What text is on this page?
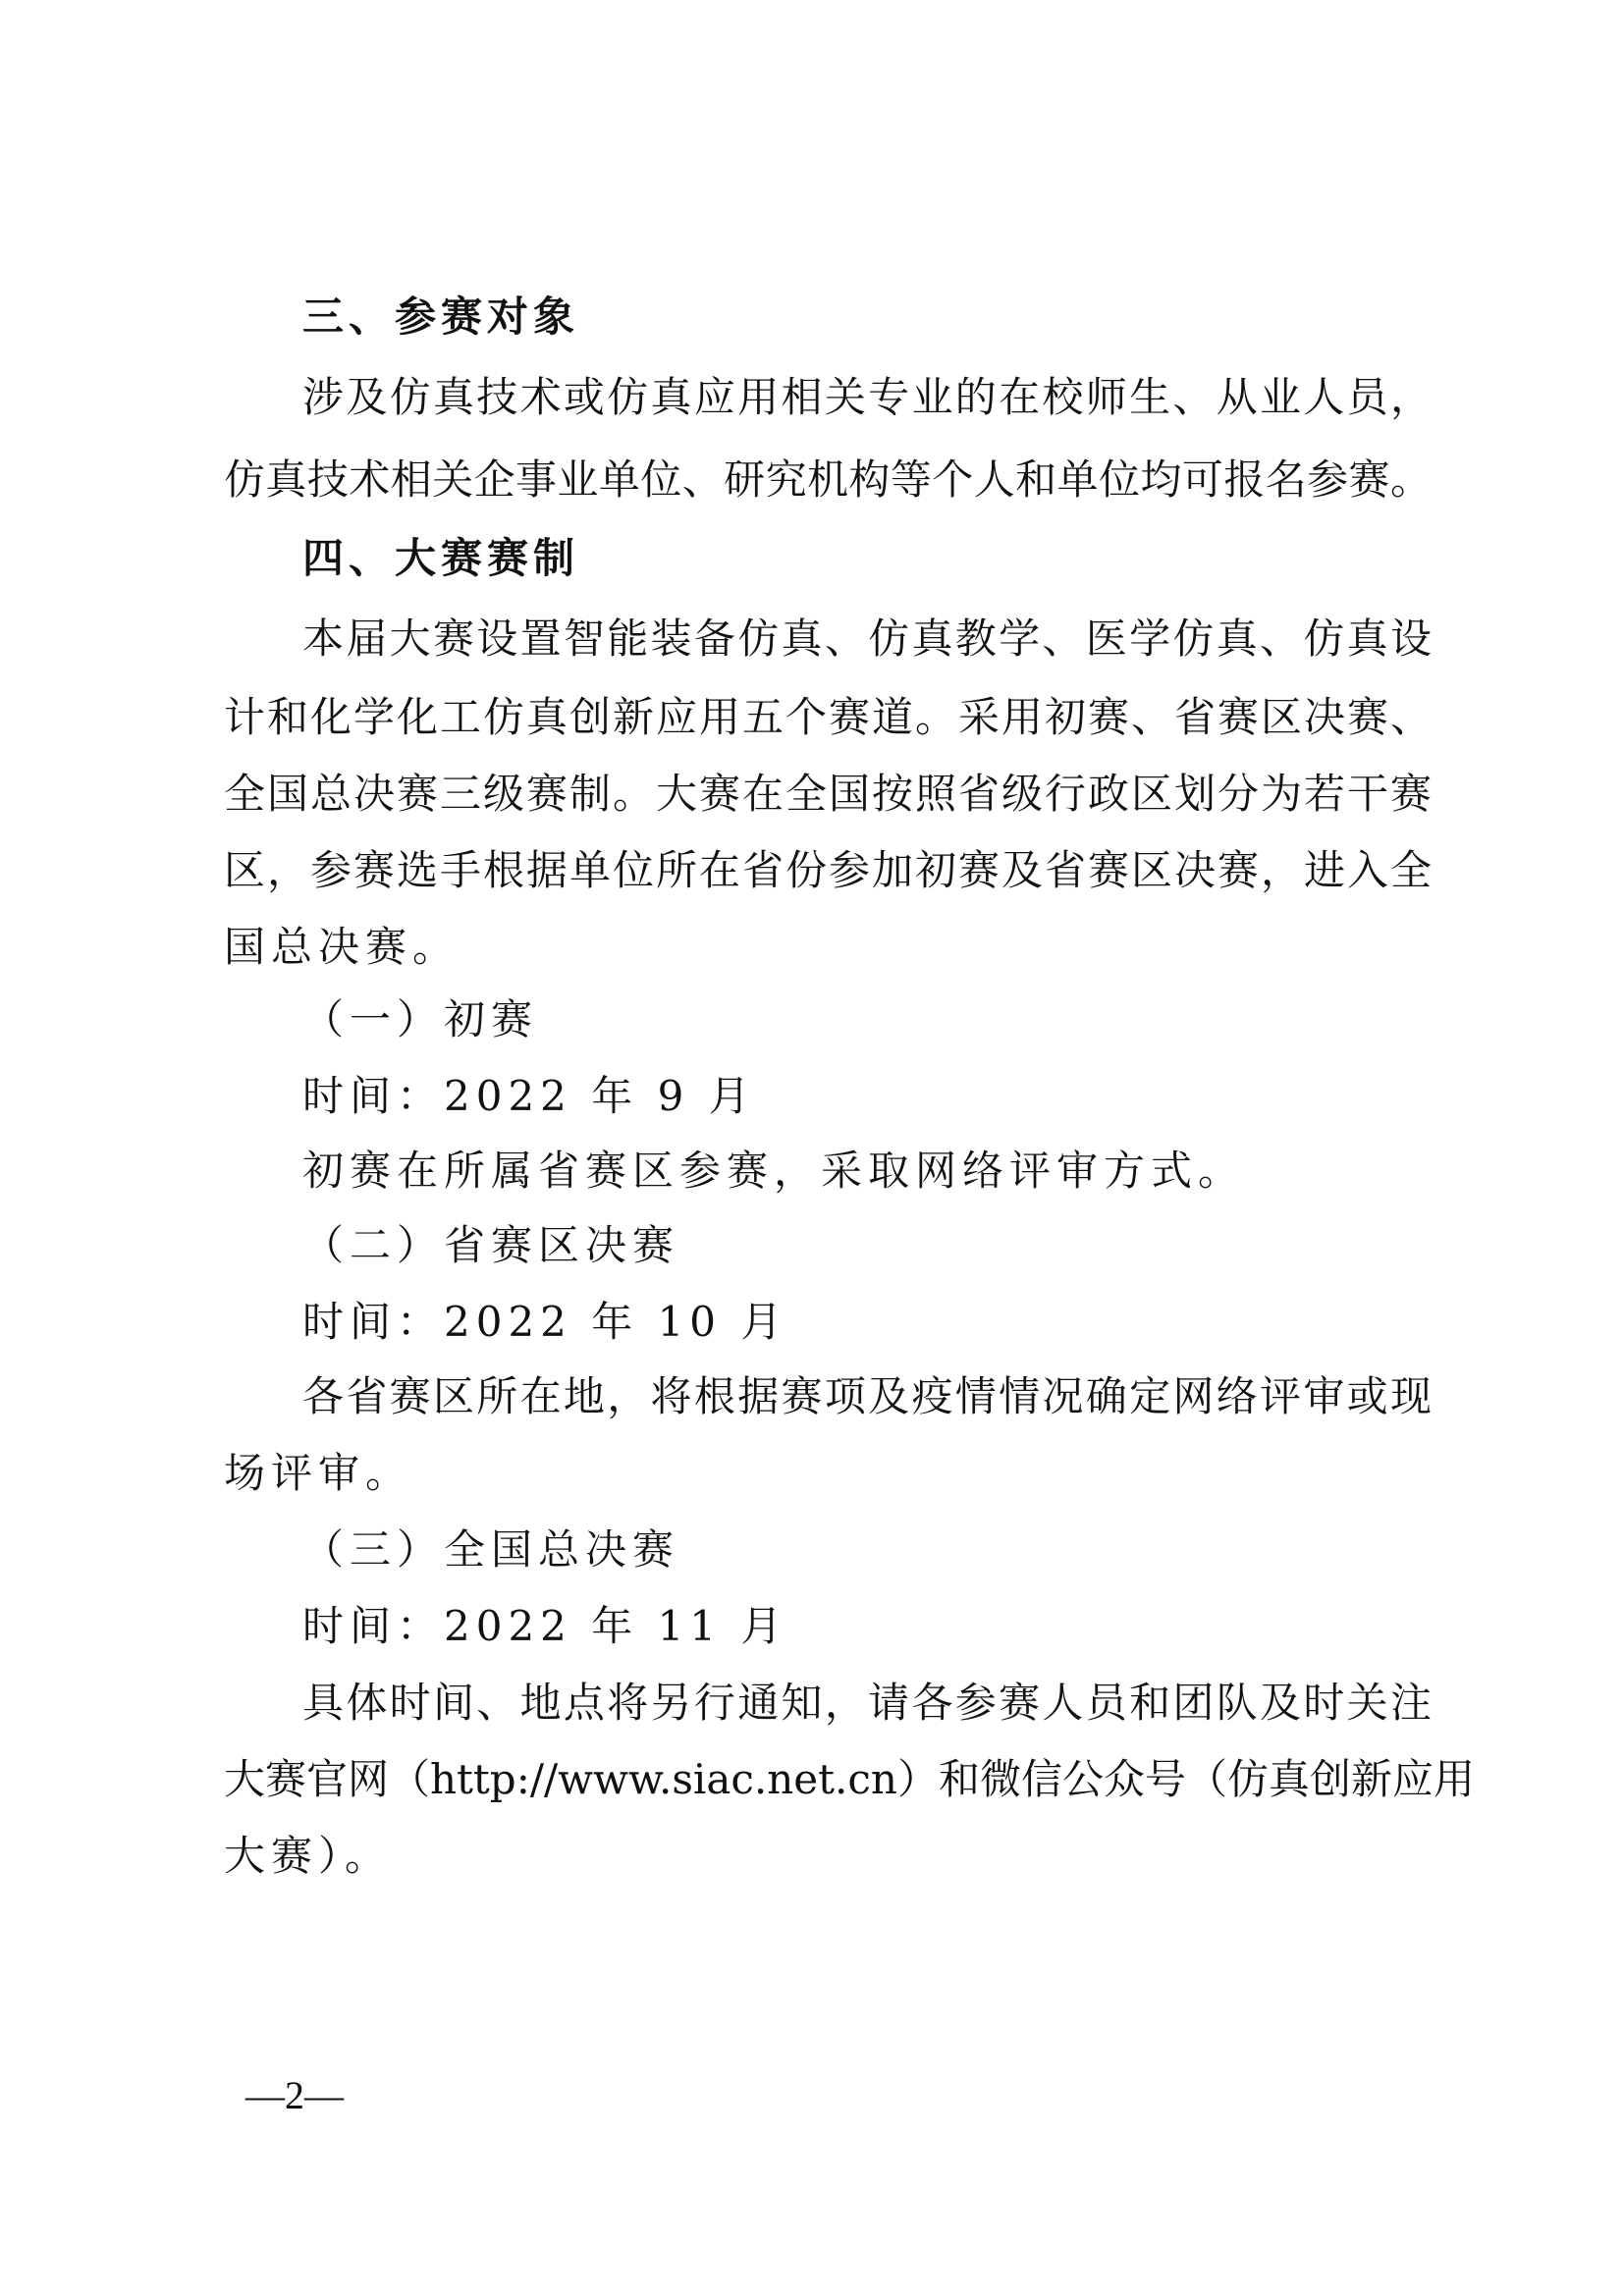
三、参赛对象
涉及仿真技术或仿真应用相关专业的在校师生、从业人员，
仿真技术相关企事业单位、研究机构等个人和单位均可报名参赛。
四、大赛赛制
本届大赛设置智能装备仿真、仿真教学、医学仿真、仿真设
计和化学化工仿真创新应用五个赛道。采用初赛、省赛区决赛、
全国总决赛三级赛制。大赛在全国按照省级行政区划分为若干赛
区，参赛选手根据单位所在省份参加初赛及省赛区决赛，进入全
国总决赛。
（一）初赛
时间：2022 年 9 月
初赛在所属省赛区参赛，采取网络评审方式。
（二）省赛区决赛
时间：2022 年 10 月
各省赛区所在地，将根据赛项及疫情情况确定网络评审或现
场评审。
（三）全国总决赛
时间：2022 年 11 月
具体时间、地点将另行通知，请各参赛人员和团队及时关注
大赛官网（http://www.siac.net.cn）和微信公众号（仿真创新应用
大赛）。
—2—
